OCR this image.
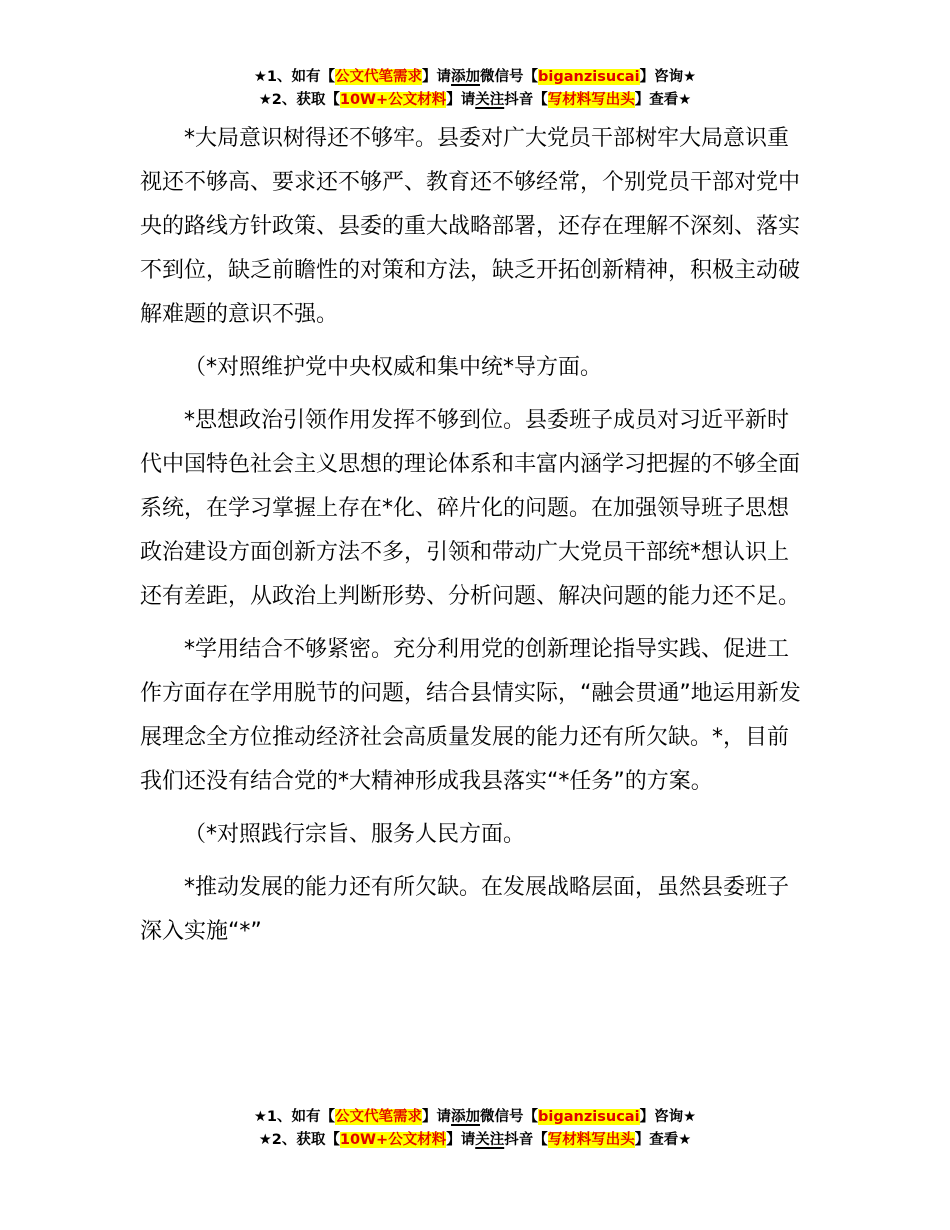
★1、如有【公文代笔需求】请添加微信号【biganzisucai】咨询★
★2、获取【10W+公文材料】请关注抖音【写材料写出头】查看★

*大局意识树得还不够牢。县委对广大党员干部树牢大局意识重视还不够高、要求还不够严、教育还不够经常，个别党员干部对党中央的路线方针政策、县委的重大战略部署，还存在理解不深刻、落实不到位，缺乏前瞻性的对策和方法，缺乏开拓创新精神，积极主动破解难题的意识不强。

（*对照维护党中央权威和集中统*导方面。

*思想政治引领作用发挥不够到位。县委班子成员对习近平新时代中国特色社会主义思想的理论体系和丰富内涵学习把握的不够全面系统，在学习掌握上存在*化、碎片化的问题。在加强领导班子思想政治建设方面创新方法不多，引领和带动广大党员干部统*想认识上还有差距，从政治上判断形势、分析问题、解决问题的能力还不足。

*学用结合不够紧密。充分利用党的创新理论指导实践、促进工作方面存在学用脱节的问题，结合县情实际，“融会贯通”地运用新发展理念全方位推动经济社会高质量发展的能力还有所欠缺。*，目前我们还没有结合党的*大精神形成我县落实“*任务”的方案。

（*对照践行宗旨、服务人民方面。

*推动发展的能力还有所欠缺。在发展战略层面，虽然县委班子深入实施“*”

★1、如有【公文代笔需求】请添加微信号【biganzisucai】咨询★
★2、获取【10W+公文材料】请关注抖音【写材料写出头】查看★
